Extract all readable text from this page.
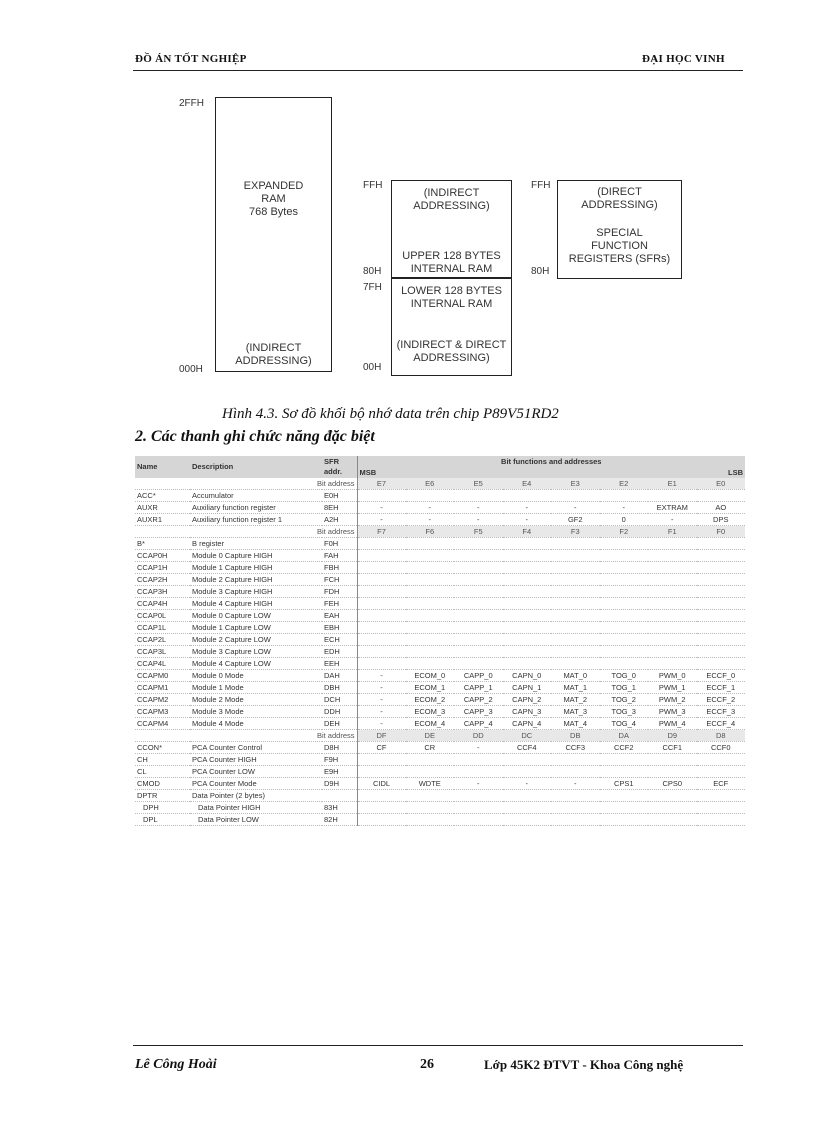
ĐỒ ÁN TỐT NGHIỆP	ĐẠI HỌC VINH
2FFH
EXPANDED
RAM
768 Bytes
(INDIRECT
ADDRESSING)
000H
FFH
(INDIRECT
ADDRESSING)
UPPER 128 BYTES
INTERNAL RAM
80H
7FH	LOWER 128 BYTES
INTERNAL RAM
(INDIRECT & DIRECT
ADDRESSING)
00H
FFH
(DIRECT
ADDRESSING)
SPECIAL
FUNCTION
REGISTERS (SFRs)
80H
Hình 4.3. Sơ đồ khối bộ nhớ data trên chip P89V51RD2
2. Các thanh ghi chức năng đặc biệt
Name	Description	SFR addr.	Bit functions and addresses							
			MSB				LSB			
Bit address			E7	E6	E5	E4	E3	E2	E1	E0
ACC*	Accumulator	E0H								
AUXR	Auxiliary function register	8EH	-	-	-	-	-	-	EXTRAM	AO
AUXR1	Auxiliary function register 1	A2H	-	-	-	-	GF2	0	-	DPS
Bit address			F7	F6	F5	F4	F3	F2	F1	F0
B*	B register	F0H								
CCAP0H	Module 0 Capture HIGH	FAH								
CCAP1H	Module 1 Capture HIGH	FBH								
CCAP2H	Module 2 Capture HIGH	FCH								
CCAP3H	Module 3 Capture HIGH	FDH								
CCAP4H	Module 4 Capture HIGH	FEH								
CCAP0L	Module 0 Capture LOW	EAH								
CCAP1L	Module 1 Capture LOW	EBH								
CCAP2L	Module 2 Capture LOW	ECH								
CCAP3L	Module 3 Capture LOW	EDH								
CCAP4L	Module 4 Capture LOW	EEH								
CCAPM0	Module 0 Mode	DAH	-	ECOM_0	CAPP_0	CAPN_0	MAT_0	TOG_0	PWM_0	ECCF_0
CCAPM1	Module 1 Mode	DBH	-	ECOM_1	CAPP_1	CAPN_1	MAT_1	TOG_1	PWM_1	ECCF_1
CCAPM2	Module 2 Mode	DCH	-	ECOM_2	CAPP_2	CAPN_2	MAT_2	TOG_2	PWM_2	ECCF_2
CCAPM3	Module 3 Mode	DDH	-	ECOM_3	CAPP_3	CAPN_3	MAT_3	TOG_3	PWM_3	ECCF_3
CCAPM4	Module 4 Mode	DEH	-	ECOM_4	CAPP_4	CAPN_4	MAT_4	TOG_4	PWM_4	ECCF_4
Bit address			DF	DE	DD	DC	DB	DA	D9	D8
CCON*	PCA Counter Control	D8H	CF	CR	-	CCF4	CCF3	CCF2	CCF1	CCF0
CH	PCA Counter HIGH	F9H								
CL	PCA Counter LOW	E9H								
CMOD	PCA Counter Mode	D9H	CIDL	WDTE	-	-	-	CPS1	CPS0	ECF
DPTR	Data Pointer (2 bytes)									
DPH	Data Pointer HIGH	83H								
DPL	Data Pointer LOW	82H								
Lê Công Hoài	26	Lớp 45K2 ĐTVT - Khoa Công nghệ
